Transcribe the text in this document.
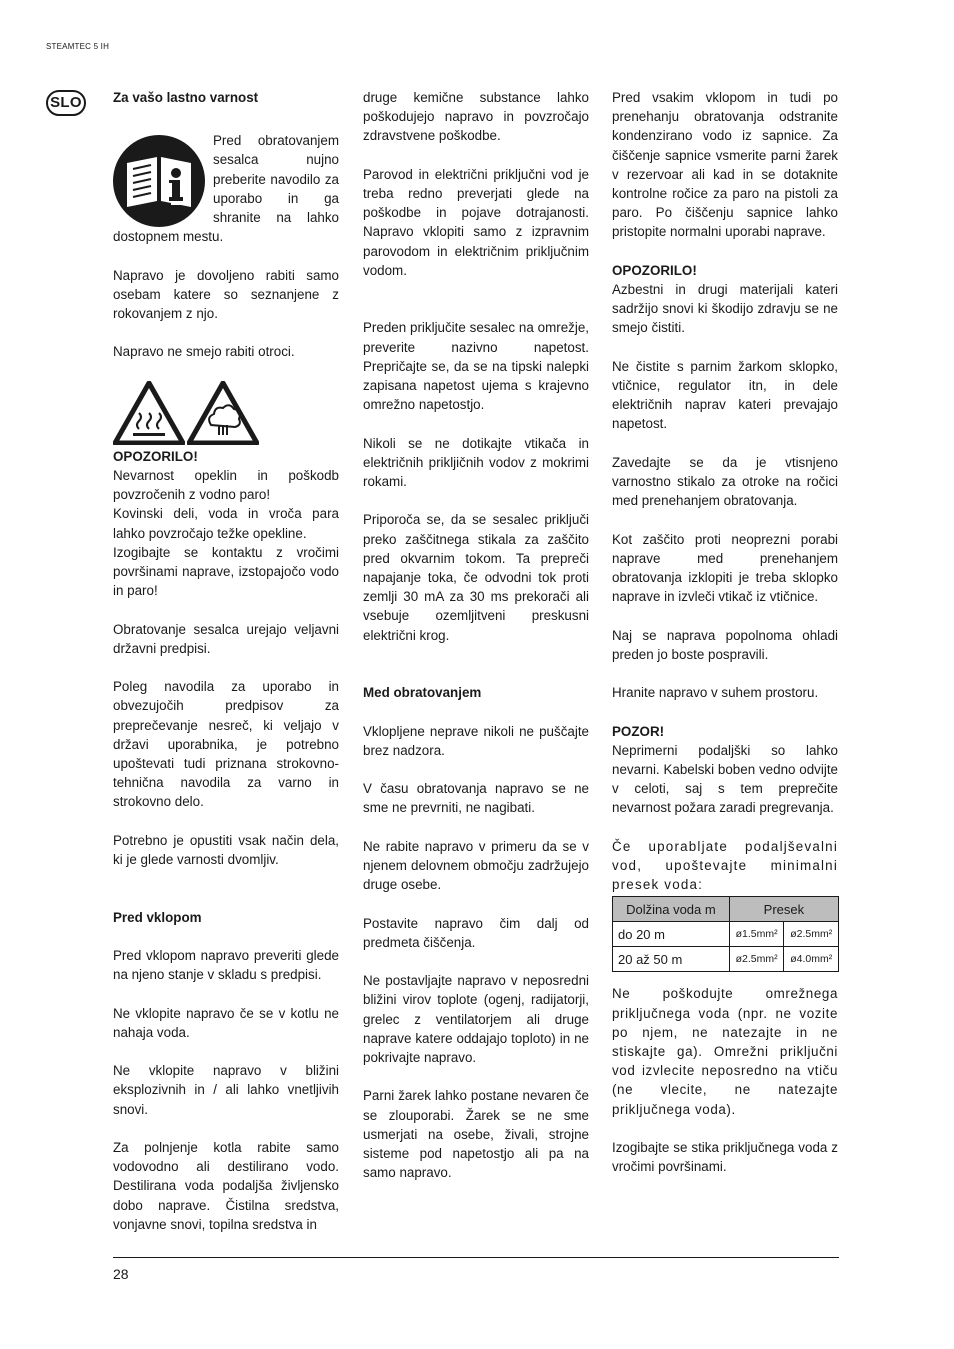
STEAMTEC 5 IH
SLO	Za vašo lastno varnost

Pred obratovanjem sesalca nujno preberite navodilo za uporabo in ga shranite na lahko dostopnem mestu.

Napravo je dovoljeno rabiti samo osebam katere so seznanjene z rokovanjem z njo.

Napravo ne smejo rabiti otroci.

OPOZORILO!

Nevarnost opeklin in poškodb povzročenih z vodno paro!

Kovinski deli, voda in vroča para lahko povzročajo težke opekline.

Izogibajte se kontaktu z vročimi površinami naprave, izstopajočo vodo in paro!

Obratovanje sesalca urejajo veljavni državni predpisi.

Poleg navodila za uporabo in obvezujočih predpisov za preprečevanje nesreč, ki veljajo v državi uporabnika, je potrebno upoštevati tudi priznana strokovno-tehnična navodila za varno in strokovno delo.

Potrebno je opustiti vsak način dela, ki je glede varnosti dvomljiv.

Pred vklopom

Pred vklopom napravo preveriti glede na njeno stanje v skladu s predpisi.

Ne vklopite napravo če se v kotlu ne nahaja voda.

Ne vklopite napravo v bližini eksplozivnih in / ali lahko vnetljivih snovi.

Za polnjenje kotla rabite samo vodovodno ali destilirano vodo. Destilirana voda podaljša življensko dobo naprave. Čistilna sredstva, vonjavne snovi, topilna sredstva in

druge kemične substance lahko poškodujejo napravo in povzročajo zdravstvene poškodbe.

Parovod in električni priključni vod je treba redno preverjati glede na poškodbe in pojave dotrajanosti. Napravo vklopiti samo z izpravnim parovodom in električnim priključnim vodom.

Preden priključite sesalec na omrežje, preverite nazivno napetost. Prepričajte se, da se na tipski nalepki zapisana napetost ujema s krajevno omrežno napetostjo.

Nikoli se ne dotikajte vtikača in električnih prikljičnih vodov z mokrimi rokami.

Priporoča se, da se sesalec priključi preko zaščitnega stikala za zaščito pred okvarnim tokom. Ta prepreči napajanje toka, če odvodni tok proti zemlji 30 mA za 30 ms prekorači ali vsebuje ozemljitveni preskusni električni krog.

Med obratovanjem

Vklopljene neprave nikoli ne puščajte brez nadzora.

V času obratovanja napravo se ne sme ne prevrniti, ne nagibati.

Ne rabite napravo v primeru da se v njenem delovnem območju zadržujejo druge osebe.

Postavite napravo čim dalj od predmeta čiščenja.

Ne postavljajte napravo v neposredni bližini virov toplote (ogenj, radijatorji, grelec z ventilatorjem ali druge naprave katere oddajajo toploto) in ne pokrivajte napravo.

Parni žarek lahko postane nevaren če se zlouporabi. Žarek se ne sme usmerjati na osebe, živali, strojne sisteme pod napetostjo ali pa na samo napravo.

Pred vsakim vklopom in tudi po prenehanju obratovanja odstranite kondenzirano vodo iz sapnice. Za čiščenje sapnice vsmerite parni žarek v rezervoar ali kad in se dotaknite kontrolne ročice za paro na pistoli za paro. Po čiščenju sapnice lahko pristopite normalni uporabi naprave.

OPOZORILO!

Azbestni in drugi materijali kateri sadržijo snovi ki škodijo zdravju se ne smejo čistiti.

Ne čistite s parnim žarkom sklopko, vtičnice, regulator itn, in dele električnih naprav kateri prevajajo napetost.

Zavedajte se da je vtisnjeno varnostno stikalo za otroke na ročici med prenehanjem obratovanja.

Kot zaščito proti neoprezni porabi naprave med prenehanjem obratovanja izklopiti je treba sklopko naprave in izvleči vtikač iz vtičnice.

Naj se naprava popolnoma ohladi preden jo boste pospravili.

Hranite napravo v suhem prostoru.

POZOR!

Neprimerni podaljški so lahko nevarni. Kabelski boben vedno odvijte v celoti, saj s tem preprečite nevarnost požara zaradi pregrevanja.

Če uporabljate podaljševalni vod, upoštevajte minimalni presek voda:

Dolžina voda m	Presek	
do 20 m	ø1.5mm²	ø2.5mm²
20 až 50 m	ø2.5mm²	ø4.0mm²

Ne poškodujte omrežnega priključnega voda (npr. ne vozite po njem, ne natezajte in ne stiskajte ga). Omrežni priključni vod izvlecite neposredno na vtiču (ne vlecite, ne natezajte priključnega voda).

Izogibajte se stika priključnega voda z vročimi površinami.

28
